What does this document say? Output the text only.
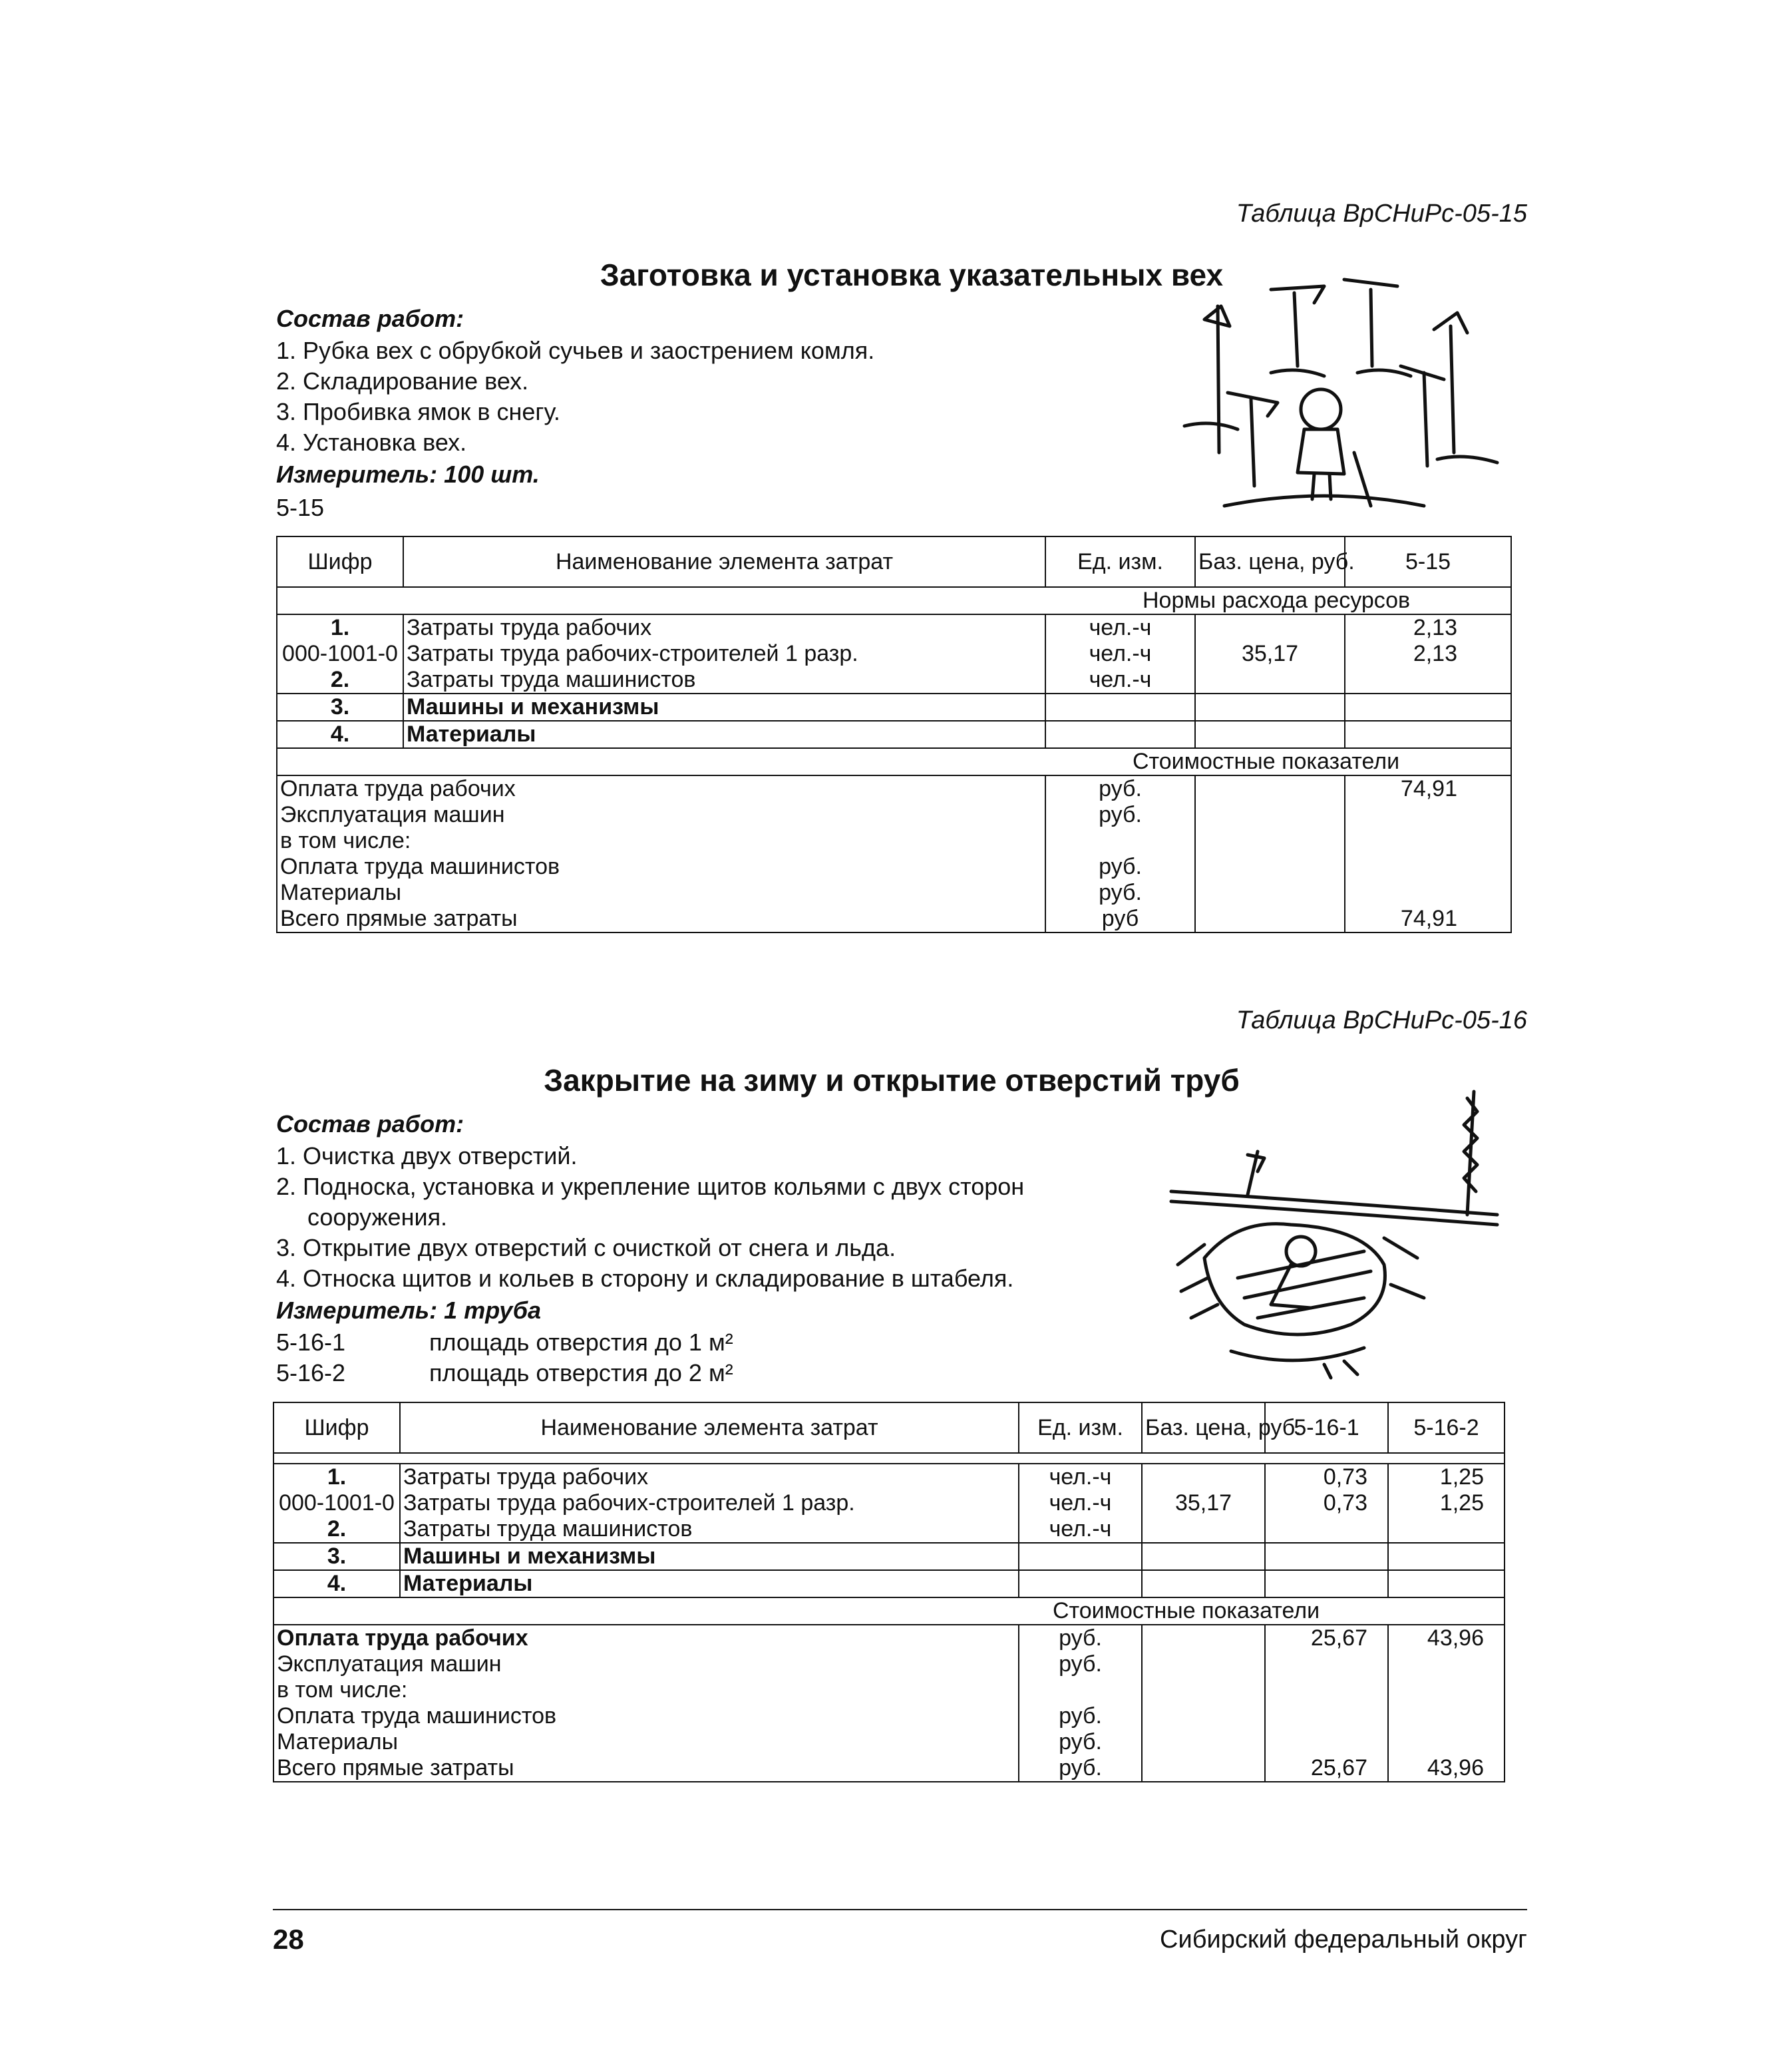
Таблица ВрСНиРс-05-15
Заготовка и установка указательных вех
Состав работ:
1. Рубка вех с обрубкой сучьев и заострением комля.
2. Складирование вех.
3. Пробивка ямок в снегу.
4. Установка вех.
Измеритель: 100 шт.
5-15
Шифр	Наименование элемента затрат	Ед. изм.	Баз. цена, руб.	5-15
Нормы расхода ресурсов				
1.	Затраты труда рабочих	чел.-ч		2,13
000-1001-0	Затраты труда рабочих-строителей 1 разр.	чел.-ч	35,17	2,13
2.	Затраты труда машинистов	чел.-ч		
3.	Машины и механизмы			
4.	Материалы			
Стоимостные показатели				
Оплата труда рабочих		руб.		74,91
Эксплуатация машин		руб.		
в том числе:				
Оплата труда машинистов		руб.		
Материалы		руб.		
Всего прямые затраты		руб		74,91
Таблица ВрСНиРс-05-16
Закрытие на зиму и открытие отверстий труб
Состав работ:
1. Очистка двух отверстий.
2. Подноска, установка и укрепление щитов кольями с двух сторон
сооружения.
3. Открытие двух отверстий с очисткой от снега и льда.
4. Относка щитов и кольев в сторону и складирование в штабеля.
Измеритель: 1 труба
5-16-1	площадь отверстия до 1 м²
5-16-2	площадь отверстия до 2 м²
Шифр	Наименование элемента затрат	Ед. изм.	Баз. цена, руб.	5-16-1	5-16-2

1.	Затраты труда рабочих	чел.-ч		0,73	1,25
000-1001-0	Затраты труда рабочих-строителей 1 разр.	чел.-ч	35,17	0,73	1,25
2.	Затраты труда машинистов	чел.-ч			
3.	Машины и механизмы				
4.	Материалы				
Стоимостные показатели					
Оплата труда рабочих		руб.		25,67	43,96
Эксплуатация машин		руб.			
в том числе:					
Оплата труда машинистов		руб.			
Материалы		руб.			
Всего прямые затраты		руб.		25,67	43,96
28	Сибирский федеральный округ
